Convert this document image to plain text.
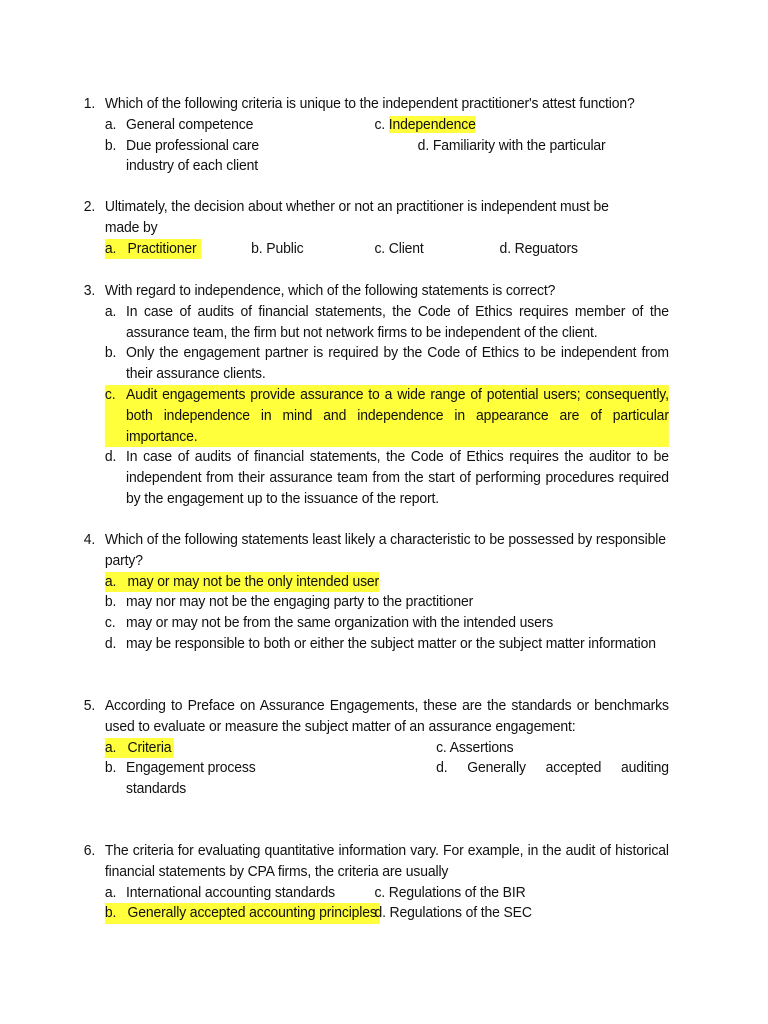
1. Which of the following criteria is unique to the independent practitioner's attest function?
a. General competence	c. Independence
b. Due professional care	d. Familiarity with the particular
industry of each client
2. Ultimately, the decision about whether or not an practitioner is independent must be
made by
a. Practitioner	b. Public	c. Client	d. Reguators
3. With regard to independence, which of the following statements is correct?
a. In case of audits of financial statements, the Code of Ethics requires member of the assurance team, the firm but not network firms to be independent of the client.
b. Only the engagement partner is required by the Code of Ethics to be independent from their assurance clients.
c. Audit engagements provide assurance to a wide range of potential users; consequently, both independence in mind and independence in appearance are of particular importance.
d. In case of audits of financial statements, the Code of Ethics requires the auditor to be independent from their assurance team from the start of performing procedures required by the engagement up to the issuance of the report.
4. Which of the following statements least likely a characteristic to be possessed by responsible party?
a. may or may not be the only intended user
b. may nor may not be the engaging party to the practitioner
c. may or may not be from the same organization with the intended users
d. may be responsible to both or either the subject matter or the subject matter information
5. According to Preface on Assurance Engagements, these are the standards or benchmarks used to evaluate or measure the subject matter of an assurance engagement:
a. Criteria	c. Assertions
b. Engagement process	d. Generally accepted auditing
standards
6. The criteria for evaluating quantitative information vary. For example, in the audit of historical financial statements by CPA firms, the criteria are usually
a. International accounting standards	c. Regulations of the BIR
b. Generally accepted accounting principles
d. Regulations of the SEC
